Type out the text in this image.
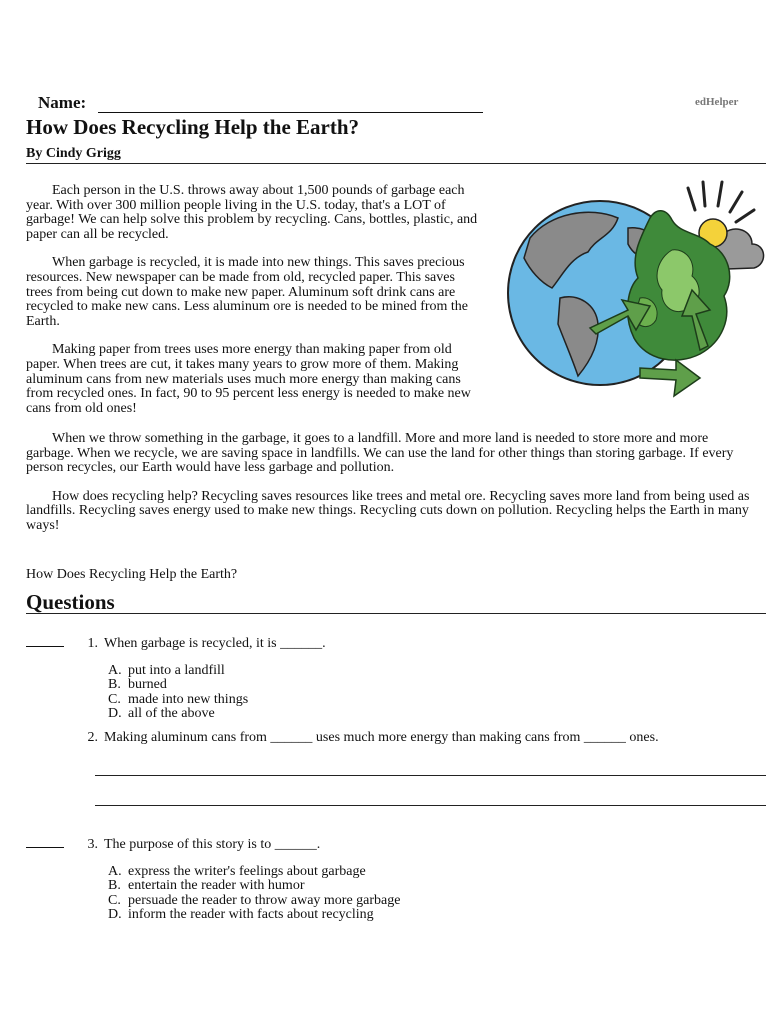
Name:	edHelper
How Does Recycling Help the Earth?
By Cindy Grigg

Each person in the U.S. throws away about 1,500 pounds of garbage each year. With over 300 million people living in the U.S. today, that's a LOT of garbage! We can help solve this problem by recycling. Cans, bottles, plastic, and paper can all be recycled.

When garbage is recycled, it is made into new things. This saves precious resources. New newspaper can be made from old, recycled paper. This saves trees from being cut down to make new paper. Aluminum soft drink cans are recycled to make new cans. Less aluminum ore is needed to be mined from the Earth.

Making paper from trees uses more energy than making paper from old paper. When trees are cut, it takes many years to grow more of them. Making aluminum cans from new materials uses much more energy than making cans from recycled ones. In fact, 90 to 95 percent less energy is needed to make new cans from old ones!

When we throw something in the garbage, it goes to a landfill. More and more land is needed to store more and more garbage. When we recycle, we are saving space in landfills. We can use the land for other things than storing garbage. If every person recycles, our Earth would have less garbage and pollution.

How does recycling help? Recycling saves resources like trees and metal ore. Recycling saves more land from being used as landfills. Recycling saves energy used to make new things. Recycling cuts down on pollution. Recycling helps the Earth in many ways!

How Does Recycling Help the Earth?
Questions
1. When garbage is recycled, it is ______.
A. put into a landfill
B. burned
C. made into new things
D. all of the above
2. Making aluminum cans from ______ uses much more energy than making cans from ______ ones.
3. The purpose of this story is to ______.
A. express the writer's feelings about garbage
B. entertain the reader with humor
C. persuade the reader to throw away more garbage
D. inform the reader with facts about recycling
